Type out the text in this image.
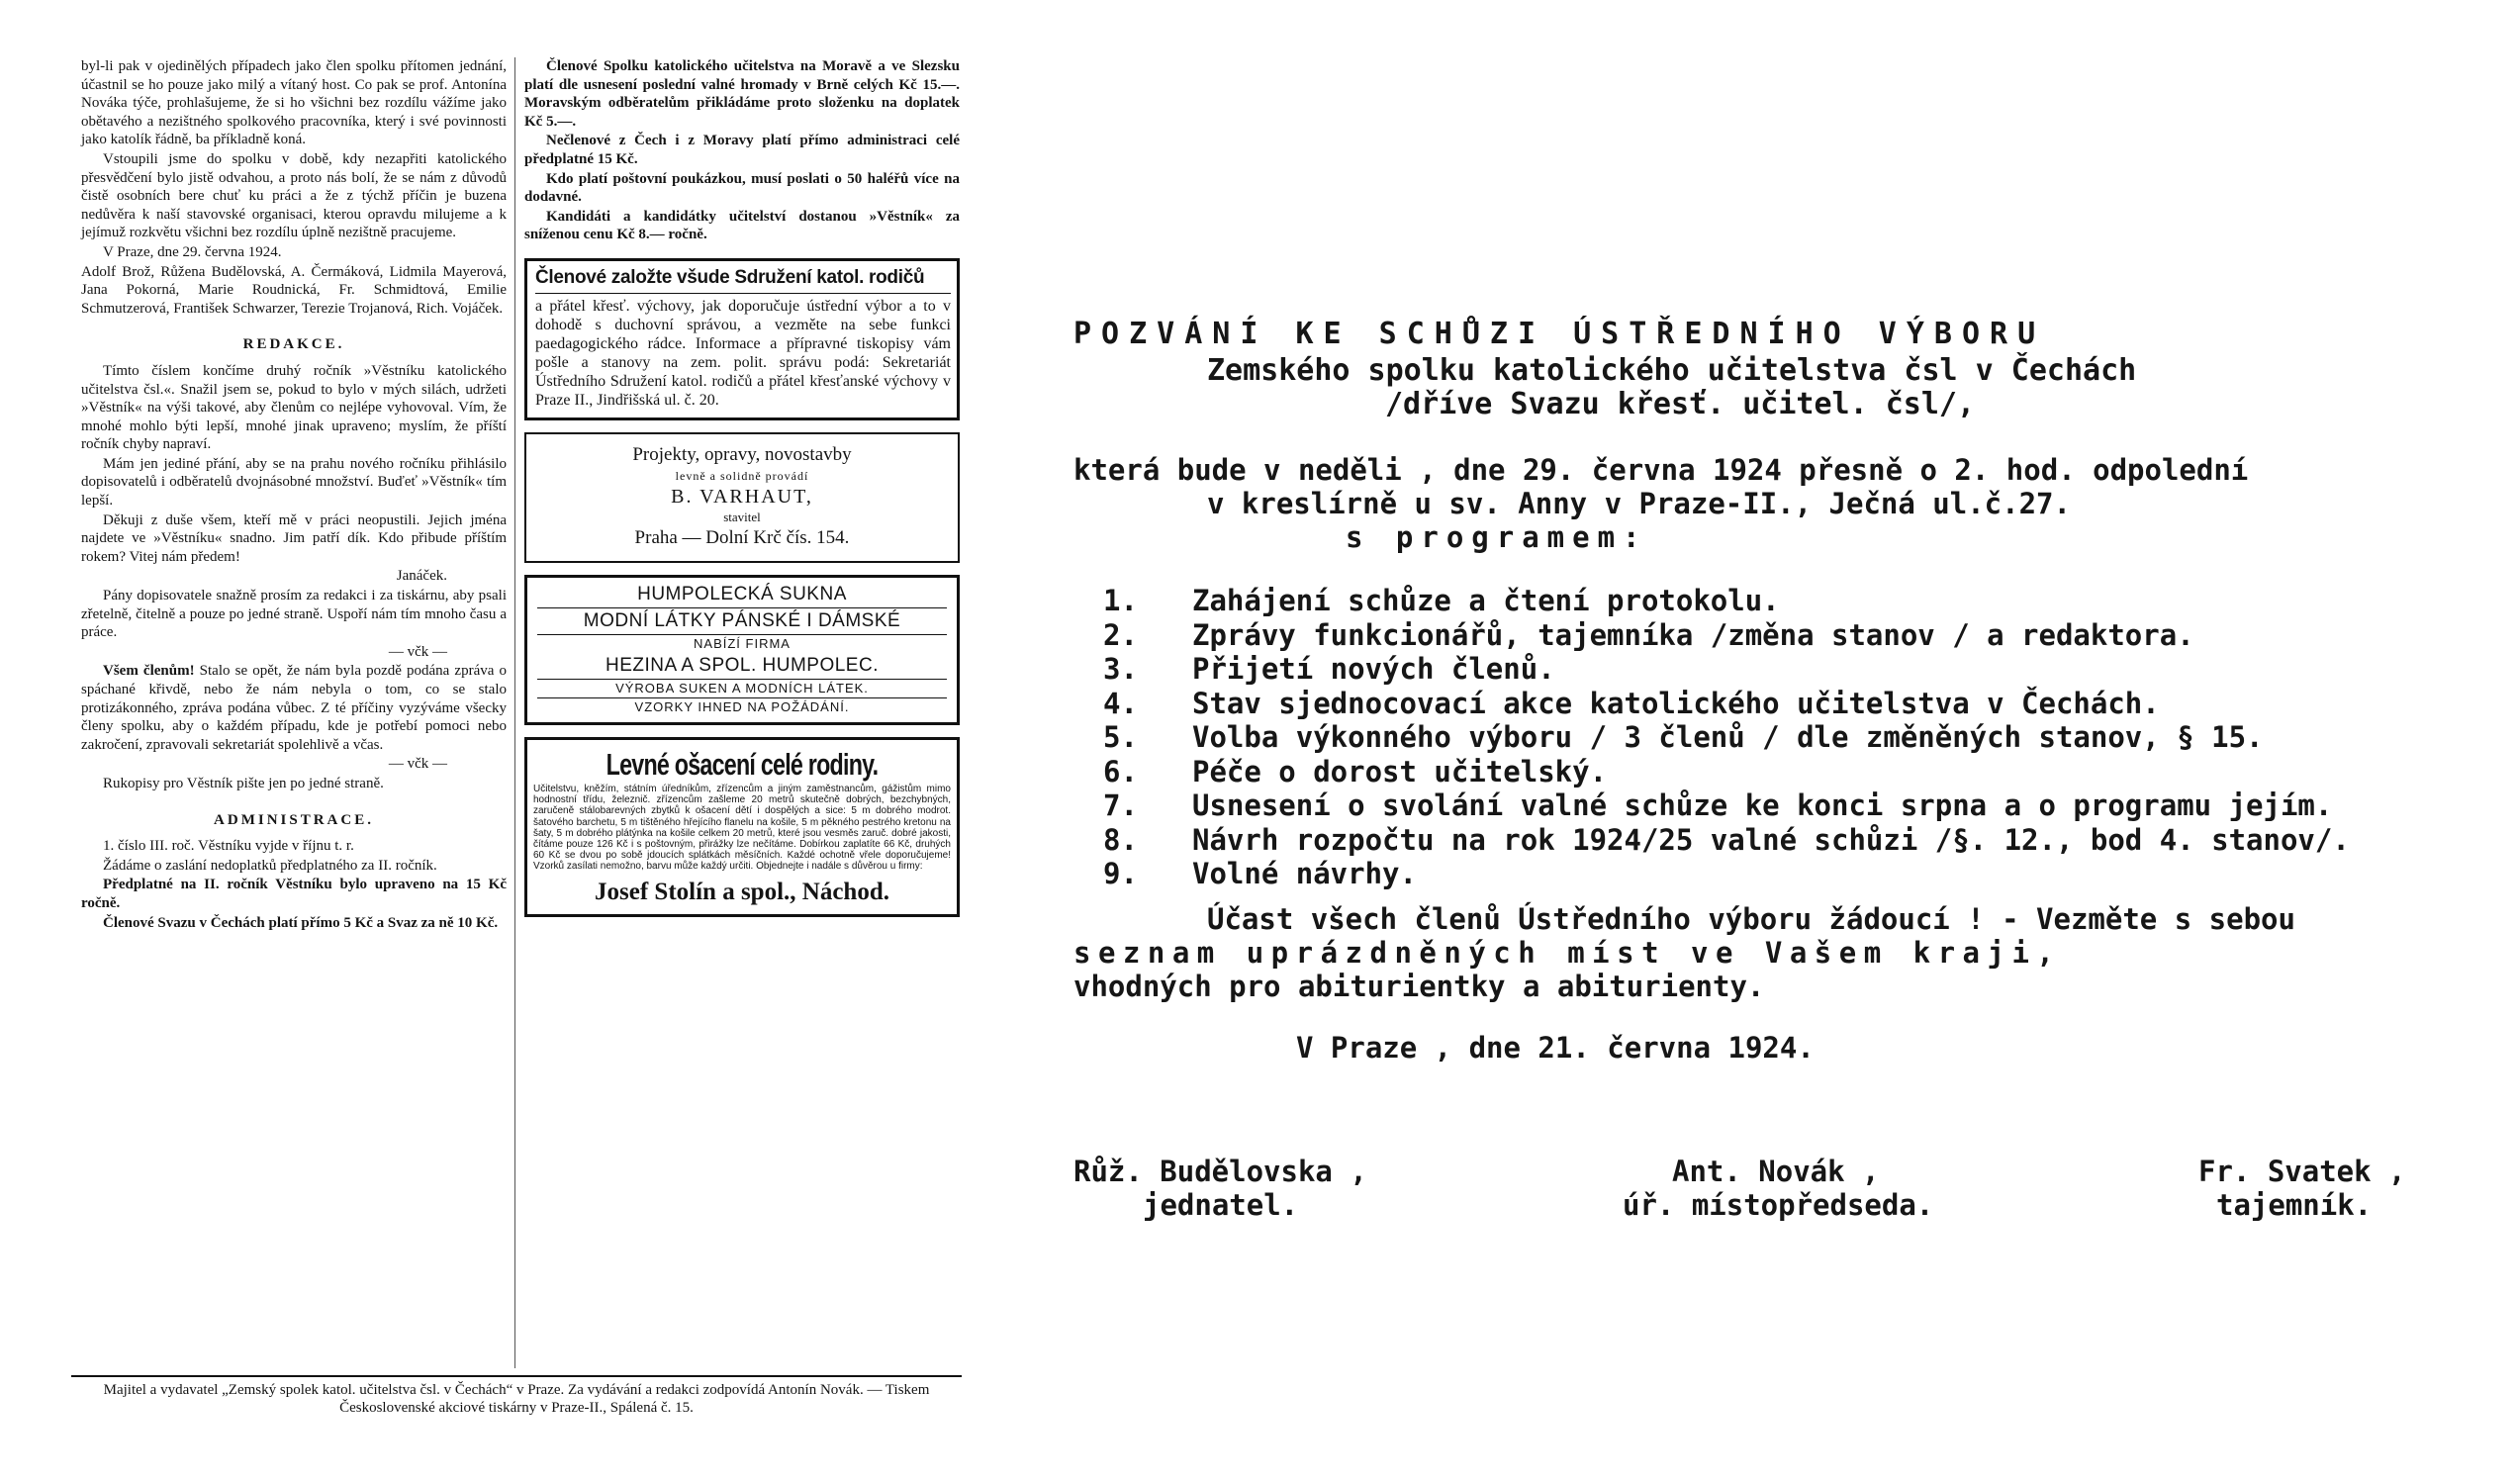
byl-li pak v ojedinělých případech jako člen spolku přítomen jednání, účastnil se ho pouze jako milý a vítaný host. Co pak se prof. Antonína Nováka týče, prohlašujeme, že si ho všichni bez rozdílu vážíme jako obětavého a nezištného spolkového pracovníka, který i své povinnosti jako katolík řádně, ba příkladně koná.

Vstoupili jsme do spolku v době, kdy nezapřiti katolického přesvědčení bylo jistě odvahou, a proto nás bolí, že se nám z důvodů čistě osobních bere chuť ku práci a že z týchž příčin je buzena nedůvěra k naší stavovské organisaci, kterou opravdu milujeme a k jejímuž rozkvětu všichni bez rozdílu úplně nezištně pracujeme.

V Praze, dne 29. června 1924.

Adolf Brož, Růžena Budělovská, A. Čermáková, Lidmila Mayerová, Jana Pokorná, Marie Roudnická, Fr. Schmidtová, Emilie Schmutzerová, František Schwarzer, Terezie Trojanová, Rich. Vojáček.

REDAKCE.

Tímto číslem končíme druhý ročník »Věstníku katolického učitelstva čsl.«. Snažil jsem se, pokud to bylo v mých silách, udržeti »Věstník« na výši takové, aby členům co nejlépe vyhovoval. Vím, že mnohé mohlo býti lepší, mnohé jinak upraveno; myslím, že příští ročník chyby napraví.

Mám jen jediné přání, aby se na prahu nového ročníku přihlásilo dopisovatelů i odběratelů dvojnásobné množství. Buďeť »Věstník« tím lepší.

Děkuji z duše všem, kteří mě v práci neopustili. Jejich jména najdete ve »Věstníku« snadno. Jim patří dík. Kdo přibude příštím rokem? Vitej nám předem!

Janáček.

Pány dopisovatele snažně prosím za redakci i za tiskárnu, aby psali zřetelně, čitelně a pouze po jedné straně. Uspoří nám tím mnoho času a práce.

— včk —

Všem členům! Stalo se opět, že nám byla pozdě podána zpráva o spáchané křivdě, nebo že nám nebyla o tom, co se stalo protizákonného, zpráva podána vůbec. Z té příčiny vyzýváme všecky členy spolku, aby o každém případu, kde je potřebí pomoci nebo zakročení, zpravovali sekretariát spolehlivě a včas.

— včk —

Rukopisy pro Věstník pište jen po jedné straně.

ADMINISTRACE.

1. číslo III. roč. Věstníku vyjde v říjnu t. r.

Žádáme o zaslání nedoplatků předplatného za II. ročník.

Předplatné na II. ročník Věstníku bylo upraveno na 15 Kč ročně.

Členové Svazu v Čechách platí přímo 5 Kč a Svaz za ně 10 Kč.

Členové Spolku katolického učitelstva na Moravě a ve Slezsku platí dle usnesení poslední valné hromady v Brně celých Kč 15.—. Moravským odběratelům přikládáme proto složenku na doplatek Kč 5.—.

Nečlenové z Čech i z Moravy platí přímo administraci celé předplatné 15 Kč.

Kdo platí poštovní poukázkou, musí poslati o 50 haléřů více na dodavné.

Kandidáti a kandidátky učitelství dostanou »Věstník« za sníženou cenu Kč 8.— ročně.

Členové založte všude Sdružení katol. rodičů
a přátel křesť. výchovy, jak doporučuje ústřední výbor a to v dohodě s duchovní správou, a vezměte na sebe funkci paedagogického rádce. Informace a přípravné tiskopisy vám pošle a stanovy na zem. polit. správu podá: Sekretariát Ústředního Sdružení katol. rodičů a přátel křesťanské výchovy v Praze II., Jindřišská ul. č. 20.
Projekty, opravy, novostavby
levně a solidně provádí
B. VARHAUT,
stavitel
Praha — Dolní Krč čís. 154.
HUMPOLECKÁ SUKNA
MODNÍ LÁTKY PÁNSKÉ I DÁMSKÉ
NABÍZÍ FIRMA
HEZINA A SPOL. HUMPOLEC.
VÝROBA SUKEN A MODNÍCH LÁTEK.
VZORKY IHNED NA POŽÁDÁNÍ.
Levné ošacení celé rodiny.
Učitelstvu, kněžím, státním úředníkům, zřízencům a jiným zaměstnancům, gážistům mimo hodnostní třídu, železnič. zřízencům zašleme 20 metrů skutečně dobrých, bezchybných, zaručeně stálobarevných zbytků k ošacení dětí i dospělých a sice: 5 m dobrého modrot. šatového barchetu, 5 m tištěného hřejícího flanelu na košile, 5 m pěkného pestrého kretonu na šaty, 5 m dobrého plátýnka na košile celkem 20 metrů, které jsou vesměs zaruč. dobré jakosti, čítáme pouze 126 Kč i s poštovným, přirážky lze nečítáme. Dobírkou zaplatíte 66 Kč, druhých 60 Kč se dvou po sobě jdoucích splátkách měsíčních. Každé ochotně vřele doporučujeme! Vzorků zasílati nemožno, barvu může každý určiti. Objednejte i nadále s důvěrou u firmy:
Josef Stolín a spol., Náchod.
Majitel a vydavatel „Zemský spolek katol. učitelstva čsl. v Čechách“ v Praze. Za vydávání a redakci zodpovídá Antonín Novák. — Tiskem Československé akciové tiskárny v Praze-II., Spálená č. 15.
POZVÁNÍ KE SCHŮZI ÚSTŘEDNÍHO VÝBORU
Zemského spolku katolického učitelstva čsl v Čechách
/dříve Svazu křesť. učitel. čsl/,
která bude v neděli , dne 29. června 1924 přesně o 2. hod. odpolední
v kreslírně u sv. Anny v Praze-II., Ječná ul.č.27.
s programem:
1. Zahájení schůze a čtení protokolu.
2. Zprávy funkcionářů, tajemníka /změna stanov / a redaktora.
3. Přijetí nových členů.
4. Stav sjednocovací akce katolického učitelstva v Čechách.
5. Volba výkonného výboru / 3 členů / dle změněných stanov, § 15.
6. Péče o dorost učitelský.
7. Usnesení o svolání valné schůze ke konci srpna a o programu jejím.
8. Návrh rozpočtu na rok 1924/25 valné schůzi /§. 12., bod 4. stanov/.
9. Volné návrhy.
Účast všech členů Ústředního výboru žádoucí ! - Vezměte s sebou
seznam uprázdněných míst ve Vašem kraji,
vhodných pro abiturientky a abiturienty.
V Praze , dne 21. června 1924.
Růž. Budělovska ,
jednatel.
Ant. Novák ,
úř. místopředseda.
Fr. Svatek ,
tajemník.
